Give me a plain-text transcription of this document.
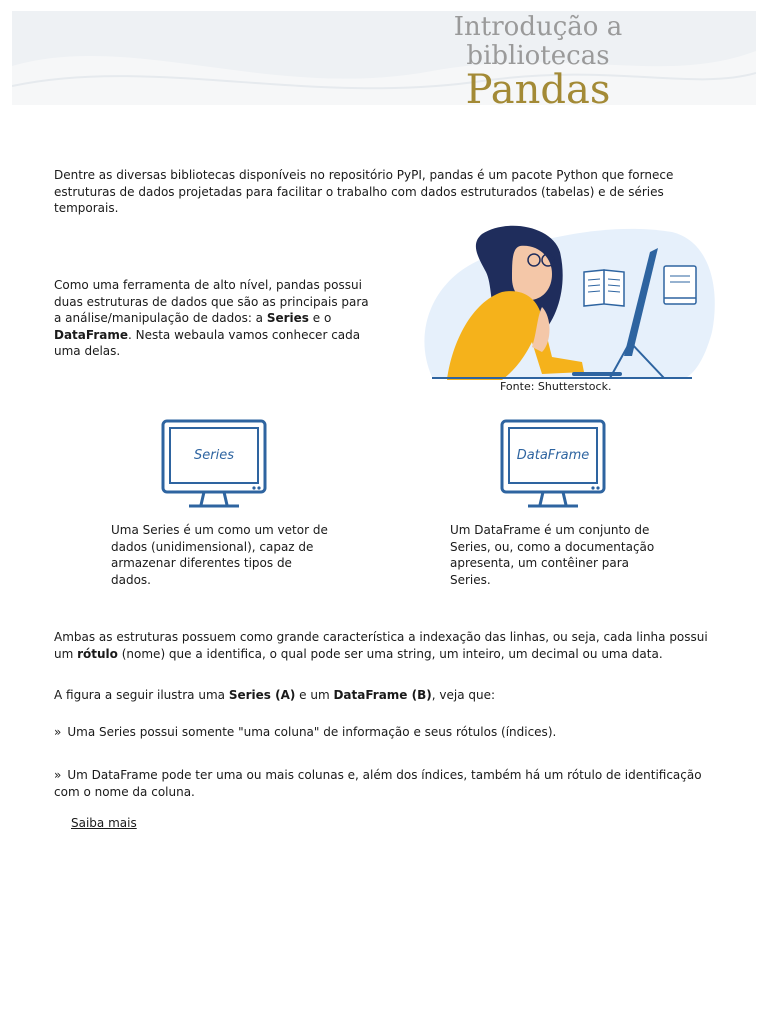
Introdução a
bibliotecas
Pandas

Dentre as diversas bibliotecas disponíveis no repositório PyPI, pandas é um pacote Python que fornece estruturas de dados projetadas para facilitar o trabalho com dados estruturados (tabelas) e de séries temporais.

Como uma ferramenta de alto nível, pandas possui duas estruturas de dados que são as principais para a análise/manipulação de dados: a Series e o DataFrame. Nesta webaula vamos conhecer cada uma delas.

Fonte: Shutterstock.
Series	DataFrame

Uma Series é um como um vetor de dados (unidimensional), capaz de armazenar diferentes tipos de dados.

Um DataFrame é um conjunto de Series, ou, como a documentação apresenta, um contêiner para Series.

Ambas as estruturas possuem como grande característica a indexação das linhas, ou seja, cada linha possui um rótulo (nome) que a identifica, o qual pode ser uma string, um inteiro, um decimal ou uma data.

A figura a seguir ilustra uma Series (A) e um DataFrame (B), veja que:

» Uma Series possui somente "uma coluna" de informação e seus rótulos (índices).

» Um DataFrame pode ter uma ou mais colunas e, além dos índices, também há um rótulo de identificação com o nome da coluna.

Saiba mais
